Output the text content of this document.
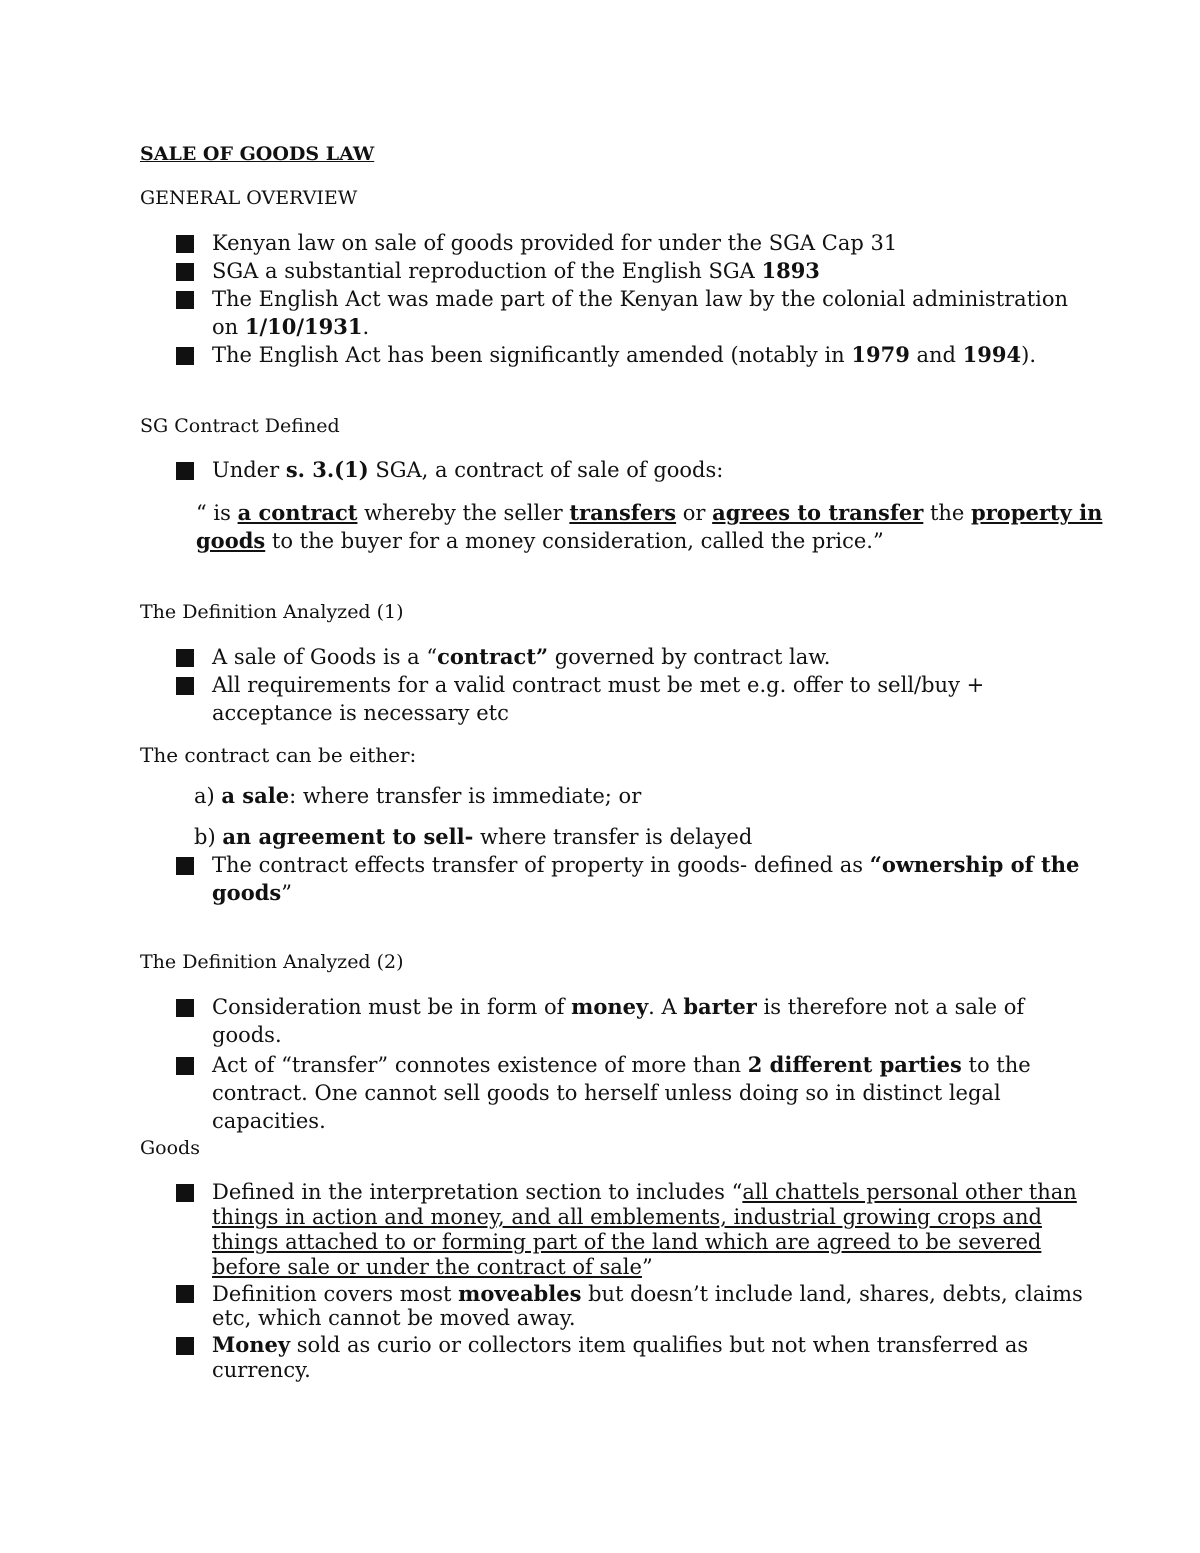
SALE OF GOODS LAW
GENERAL OVERVIEW
Kenyan law on sale of goods provided for under the SGA Cap 31
SGA a substantial reproduction of the English SGA 1893
The English Act was made part of the Kenyan law by the colonial administration
on 1/10/1931.
The English Act has been significantly amended (notably in 1979 and 1994).
SG Contract Defined
Under s. 3.(1) SGA, a contract of sale of goods:
“ is a contract whereby the seller transfers or agrees to transfer the property in
goods to the buyer for a money consideration, called the price.”
The Definition Analyzed (1)
A sale of Goods is a “contract” governed by contract law.
All requirements for a valid contract must be met e.g. offer to sell/buy +
acceptance is necessary etc
The contract can be either:
a) a sale: where transfer is immediate; or
b) an agreement to sell- where transfer is delayed
The contract effects transfer of property in goods- defined as “ownership of the
goods”
The Definition Analyzed (2)
Consideration must be in form of money. A barter is therefore not a sale of
goods.
Act of “transfer” connotes existence of more than 2 different parties to the
contract. One cannot sell goods to herself unless doing so in distinct legal
capacities.
Goods
Defined in the interpretation section to includes “all chattels personal other than
things in action and money, and all emblements, industrial growing crops and
things attached to or forming part of the land which are agreed to be severed
before sale or under the contract of sale”
Definition covers most moveables but doesn’t include land, shares, debts, claims
etc, which cannot be moved away.
Money sold as curio or collectors item qualifies but not when transferred as
currency.
